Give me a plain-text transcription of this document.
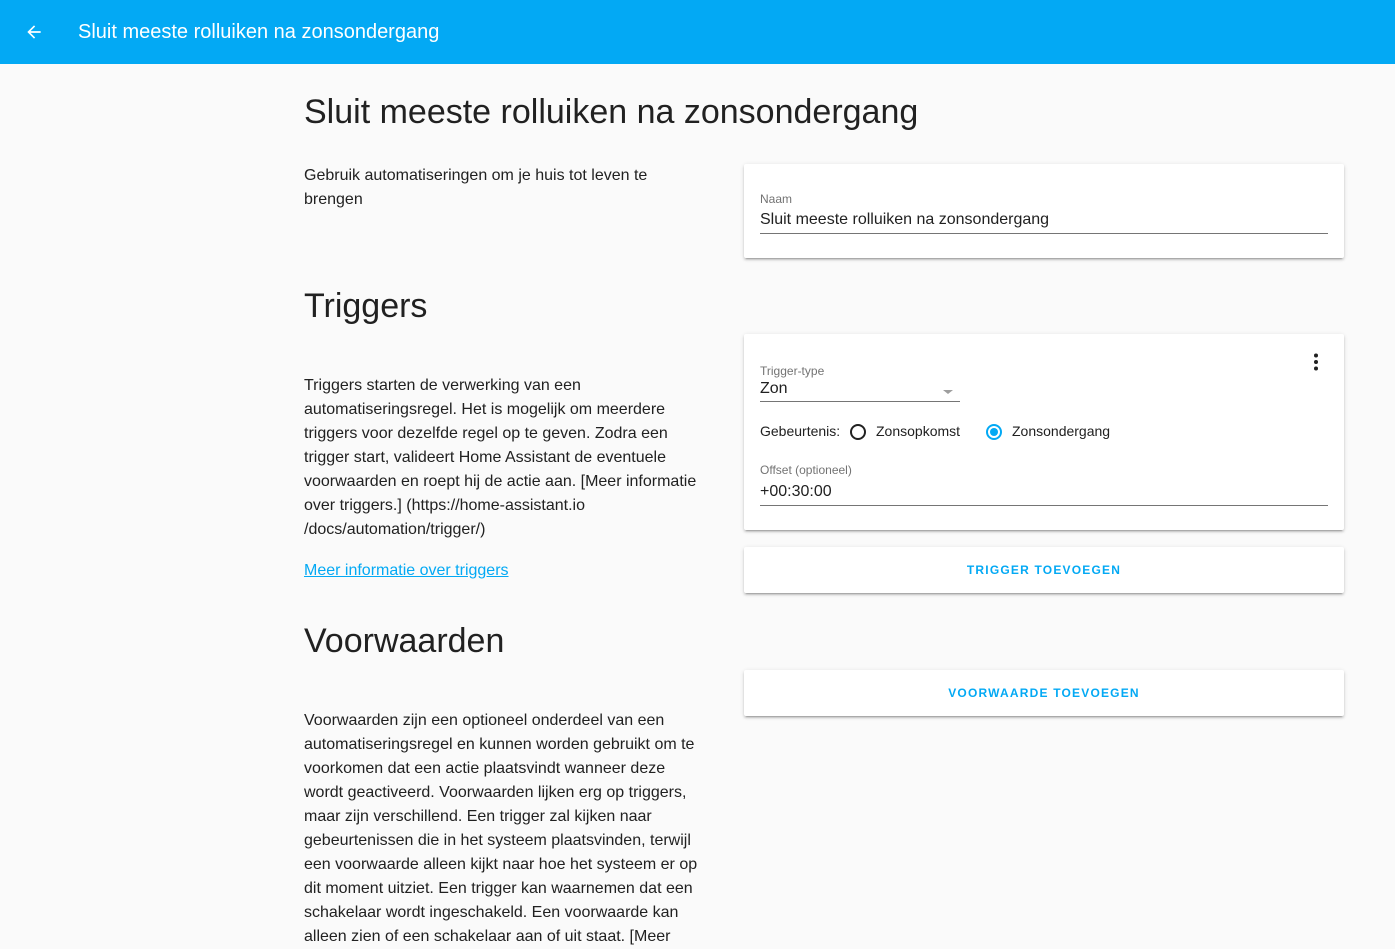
Sluit meeste rolluiken na zonsondergang
Sluit meeste rolluiken na zonsondergang
Gebruik automatiseringen om je huis tot leven te brengen	Naam
Sluit meeste rolluiken na zonsondergang
Triggers
Triggers starten de verwerking van een
automatiseringsregel. Het is mogelijk om meerdere
triggers voor dezelfde regel op te geven. Zodra een
trigger start, valideert Home Assistant de eventuele
voorwaarden en roept hij de actie aan. [Meer informatie
over triggers.] (https://home-assistant.io
/docs/automation/trigger/)
Meer informatie over triggers
Trigger-type
Zon
Gebeurtenis:	Zonsopkomst	Zonsondergang
Offset (optioneel)
+00:30:00
TRIGGER TOEVOEGEN
Voorwaarden
Voorwaarden zijn een optioneel onderdeel van een
automatiseringsregel en kunnen worden gebruikt om te
voorkomen dat een actie plaatsvindt wanneer deze
wordt geactiveerd. Voorwaarden lijken erg op triggers,
maar zijn verschillend. Een trigger zal kijken naar
gebeurtenissen die in het systeem plaatsvinden, terwijl
een voorwaarde alleen kijkt naar hoe het systeem er op
dit moment uitziet. Een trigger kan waarnemen dat een
schakelaar wordt ingeschakeld. Een voorwaarde kan
alleen zien of een schakelaar aan of uit staat. [Meer
VOORWAARDE TOEVOEGEN
